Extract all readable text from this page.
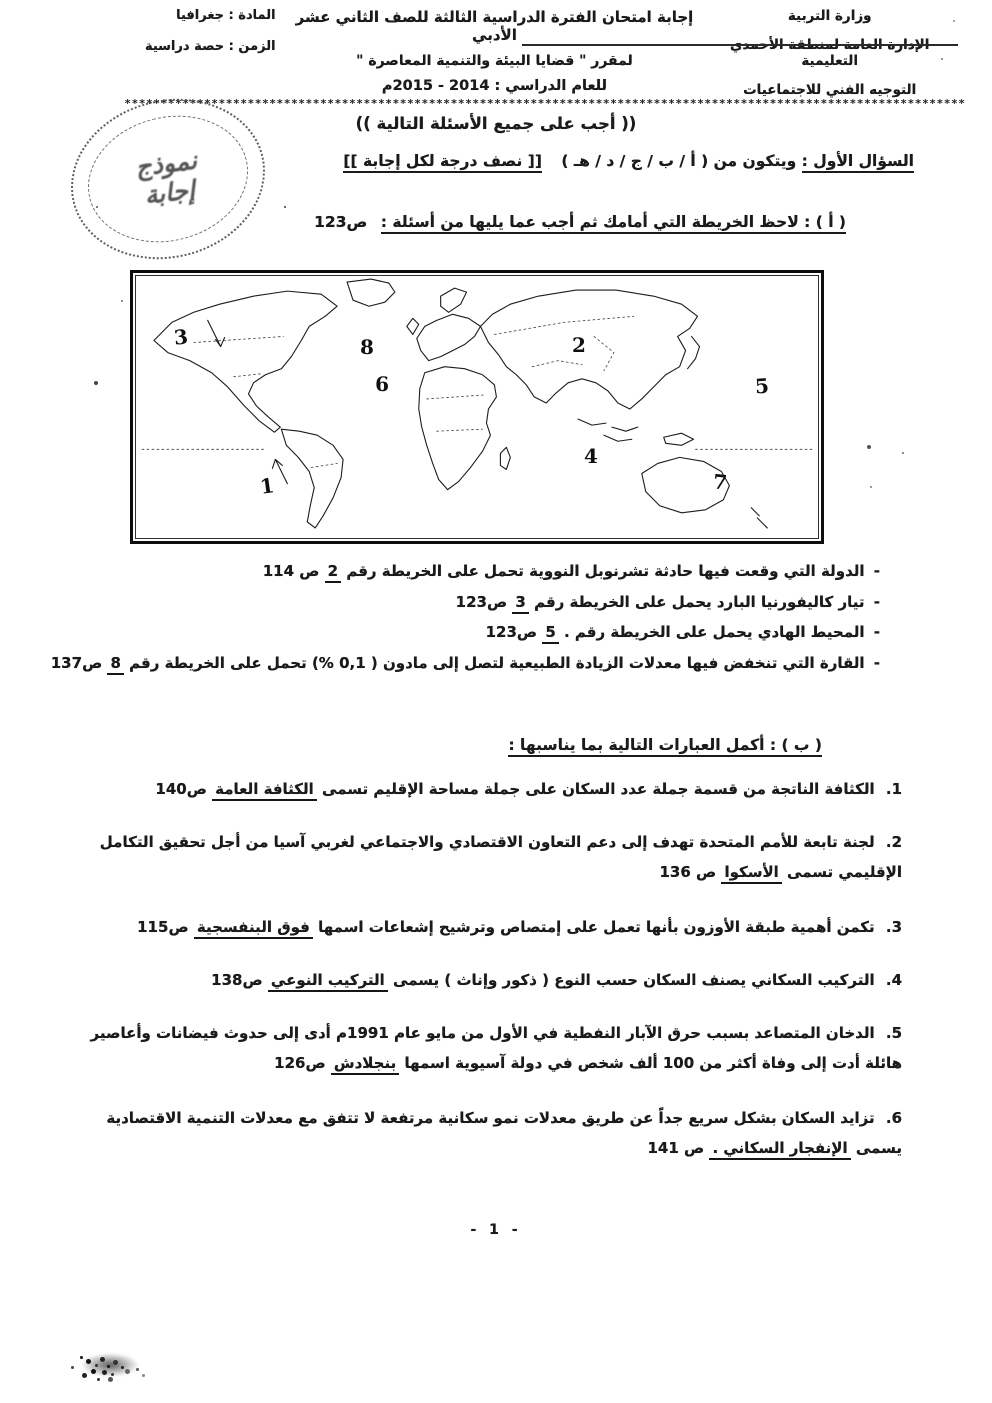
وزارة التربية
الإدارة العامة لمنطقة الأحمدي التعليمية
التوجيه الفني للاجتماعيات
إجابة امتحان الفترة الدراسية الثالثة للصف الثاني عشر الأدبي
لمقرر " قضايا البيئة والتنمية المعاصرة "
للعام الدراسي : 2014 - 2015م
المادة : جغرافيا
الزمن : حصة دراسية
********************************************************************************************************************
نموذج
إجابة
(( أجب على جميع الأسئلة التالية ))
السؤال الأول : ويتكون من ( أ / ب / ج / د / هـ ) [[ نصف درجة لكل إجابة ]]
( أ ) : لاحظ الخريطة التي أمامك ثم أجب عما يليها من أسئلة : ص123
1
2
3
4
5
6
7
8
- الدولة التي وقعت فيها حادثة تشرنوبل النووية تحمل على الخريطة رقم 2 ص 114
- تيار كاليفورنيا البارد يحمل على الخريطة رقم 3 ص123
- المحيط الهادي يحمل على الخريطة رقم . 5 ص123
- القارة التي تنخفض فيها معدلات الزيادة الطبيعية لتصل إلى مادون ( 0,1 %) تحمل على الخريطة رقم 8 ص137
( ب ) : أكمل العبارات التالية بما يناسبها :
1. الكثافة الناتجة من قسمة جملة عدد السكان على جملة مساحة الإقليم تسمى الكثافة العامة ص140
2. لجنة تابعة للأمم المتحدة تهدف إلى دعم التعاون الاقتصادي والاجتماعي لغربي آسيا من أجل تحقيق التكامل الإقليمي تسمى الأسكوا ص 136
3. تكمن أهمية طبقة الأوزون بأنها تعمل على إمتصاص وترشيح إشعاعات اسمها فوق البنفسجية ص115
4. التركيب السكاني يصنف السكان حسب النوع ( ذكور وإناث ) يسمى التركيب النوعي ص138
5. الدخان المتصاعد بسبب حرق الآبار النفطية في الأول من مايو عام 1991م أدى إلى حدوث فيضانات وأعاصير هائلة أدت إلى وفاة أكثر من 100 ألف شخص في دولة آسيوية اسمها بنجلادش ص126
6. تزايد السكان بشكل سريع جداً عن طريق معدلات نمو سكانية مرتفعة لا تتفق مع معدلات التنمية الاقتصادية يسمى الإنفجار السكاني . ص 141
- 1 -
